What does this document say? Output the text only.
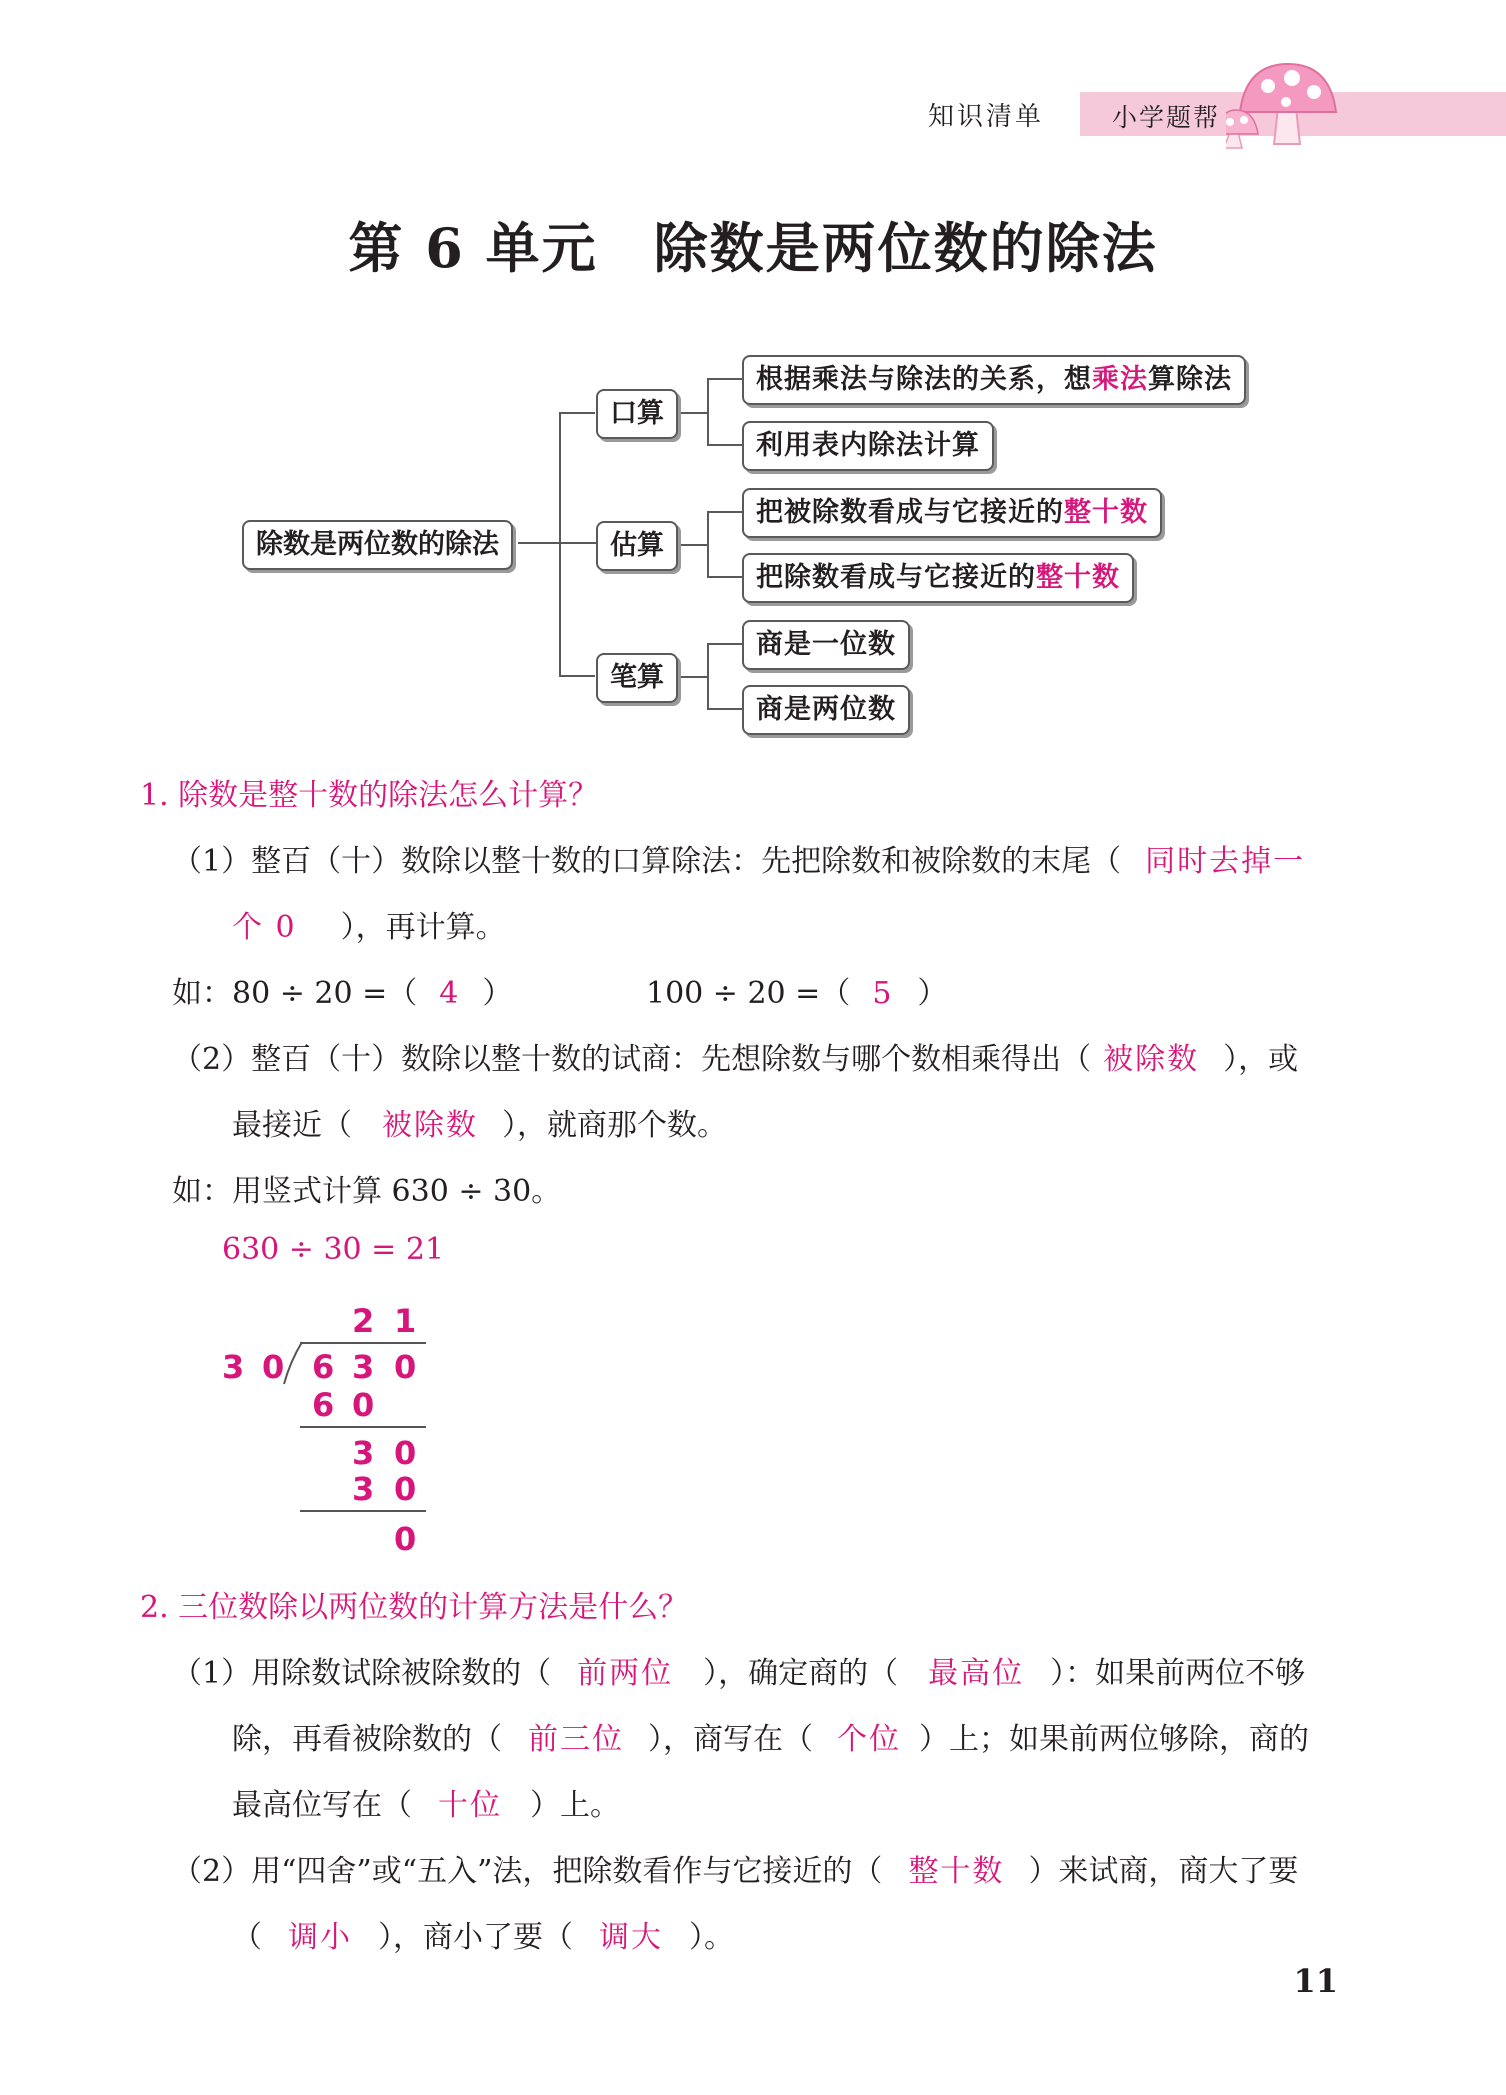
知识清单	小学题帮
第 6 单元　除数是两位数的除法
除数是两位数的除法
口算
估算
笔算
根据乘法与除法的关系，想乘法算除法
利用表内除法计算
把被除数看成与它接近的整十数
把除数看成与它接近的整十数
商是一位数
商是两位数
1. 除数是整十数的除法怎么计算？
（1）整百（十）数除以整十数的口算除法：先把除数和被除数的末尾（ 同时去掉一
个 0 ），再计算。
如：80 ÷ 20 =（ 4 ）	100 ÷ 20 =（ 5 ）
（2）整百（十）数除以整十数的试商：先想除数与哪个数相乘得出（ 被除数 ），或
最接近（ 被除数 ），就商那个数。
如：用竖式计算 630 ÷ 30。
630 ÷ 30 = 21
2 1
3 0 6 3 0
6 0
3 0
3 0
0
2. 三位数除以两位数的计算方法是什么？
（1）用除数试除被除数的（ 前两位 ），确定商的（ 最高位 ）：如果前两位不够
除，再看被除数的（ 前三位 ），商写在（ 个位 ）上；如果前两位够除，商的
最高位写在（ 十位 ）上。
（2）用“四舍”或“五入”法，把除数看作与它接近的（ 整十数 ）来试商，商大了要
（ 调小 ），商小了要（ 调大 ）。
11
